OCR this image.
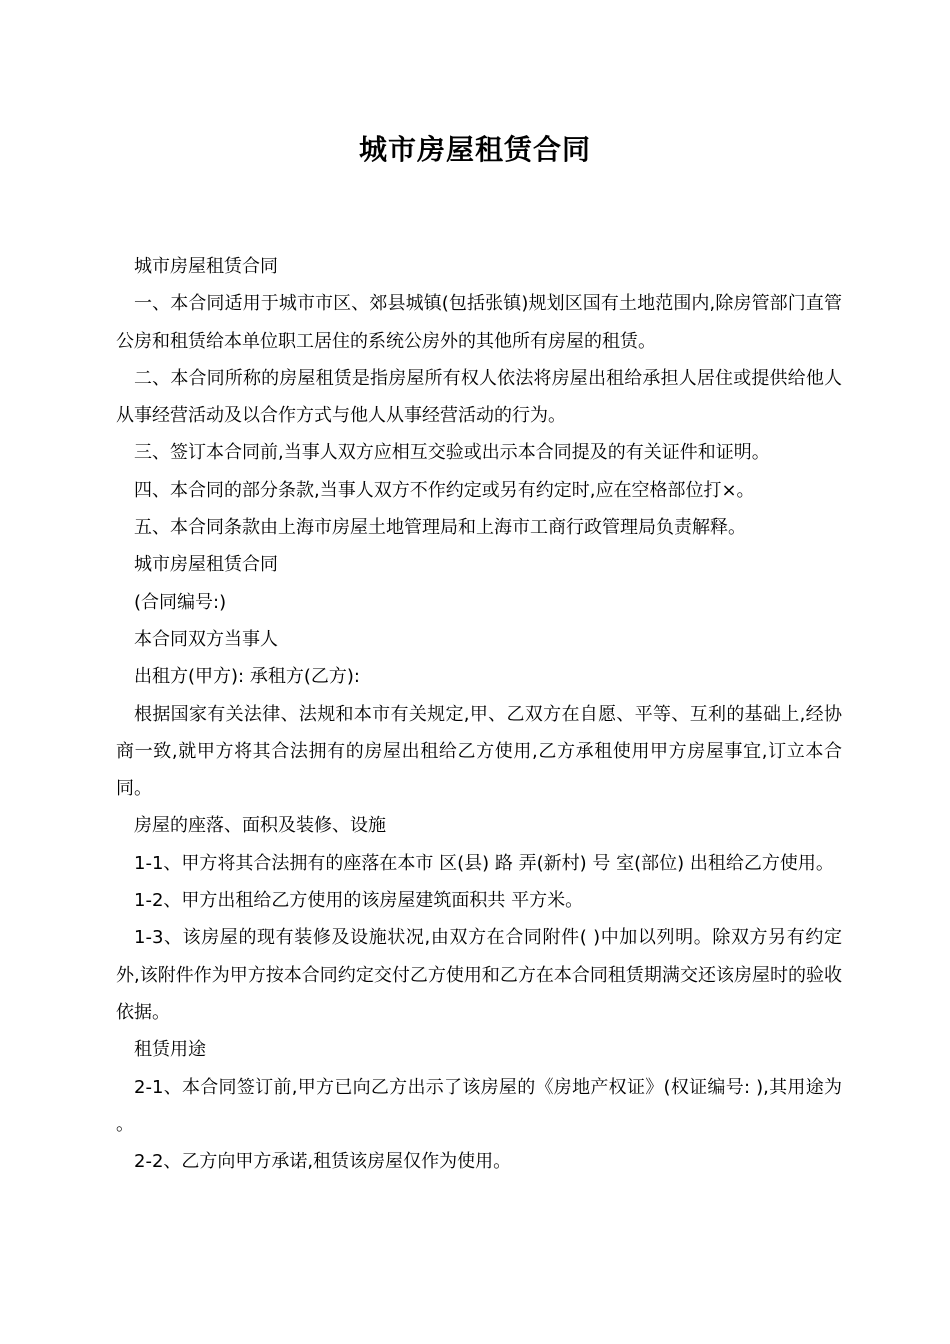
城市房屋租赁合同

城市房屋租赁合同

一、本合同适用于城市市区、郊县城镇(包括张镇)规划区国有土地范围内,除房管部门直管公房和租赁给本单位职工居住的系统公房外的其他所有房屋的租赁。

二、本合同所称的房屋租赁是指房屋所有权人依法将房屋出租给承担人居住或提供给他人从事经营活动及以合作方式与他人从事经营活动的行为。

三、签订本合同前,当事人双方应相互交验或出示本合同提及的有关证件和证明。

四、本合同的部分条款,当事人双方不作约定或另有约定时,应在空格部位打×。

五、本合同条款由上海市房屋土地管理局和上海市工商行政管理局负责解释。

城市房屋租赁合同

(合同编号:)

本合同双方当事人

出租方(甲方): 承租方(乙方):

根据国家有关法律、法规和本市有关规定,甲、乙双方在自愿、平等、互利的基础上,经协商一致,就甲方将其合法拥有的房屋出租给乙方使用,乙方承租使用甲方房屋事宜,订立本合同。

房屋的座落、面积及装修、设施

1-1、甲方将其合法拥有的座落在本市 区(县) 路 弄(新村) 号 室(部位) 出租给乙方使用。

1-2、甲方出租给乙方使用的该房屋建筑面积共 平方米。

1-3、该房屋的现有装修及设施状况,由双方在合同附件( )中加以列明。除双方另有约定外,该附件作为甲方按本合同约定交付乙方使用和乙方在本合同租赁期满交还该房屋时的验收依据。

租赁用途

2-1、本合同签订前,甲方已向乙方出示了该房屋的《房地产权证》(权证编号: ),其用途为 。

2-2、乙方向甲方承诺,租赁该房屋仅作为使用。
